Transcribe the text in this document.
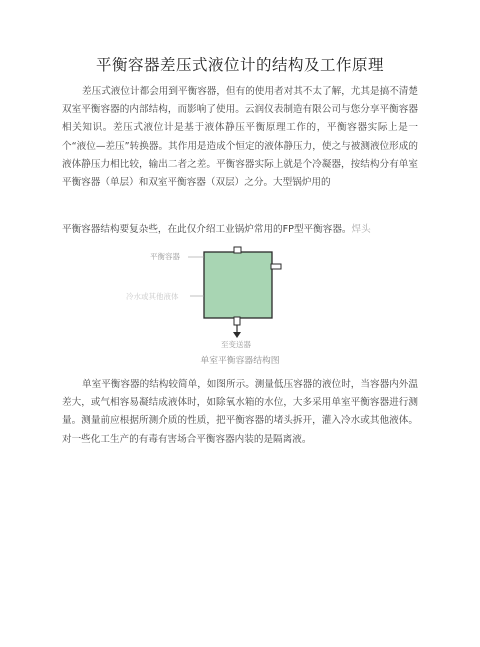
平衡容器差压式液位计的结构及工作原理
差压式液位计都会用到平衡容器，但有的使用者对其不太了解，尤其是搞不清楚双室平衡容器的内部结构，而影响了使用。云润仪表制造有限公司与您分享平衡容器相关知识。差压式液位计是基于液体静压平衡原理工作的，平衡容器实际上是一个“液位—差压”转换器。其作用是造成个恒定的液体静压力，使之与被测液位形成的液体静压力相比较，输出二者之差。平衡容器实际上就是个冷凝器，按结构分有单室平衡容器（单层）和双室平衡容器（双层）之分。大型锅炉用的
平衡容器结构要复杂些，在此仅介绍工业锅炉常用的FP型平衡容器。焊头
平衡容器
冷水或其他液体
至变送器
单室平衡容器结构图
单室平衡容器的结构较简单，如图所示。测量低压容器的液位时，当容器内外温差大，或气相容易凝结成液体时，如除氧水箱的水位，大多采用单室平衡容器进行测量。测量前应根据所测介质的性质，把平衡容器的堵头拆开，灌入冷水或其他液体。对一些化工生产的有毒有害场合平衡容器内装的是隔离液。
